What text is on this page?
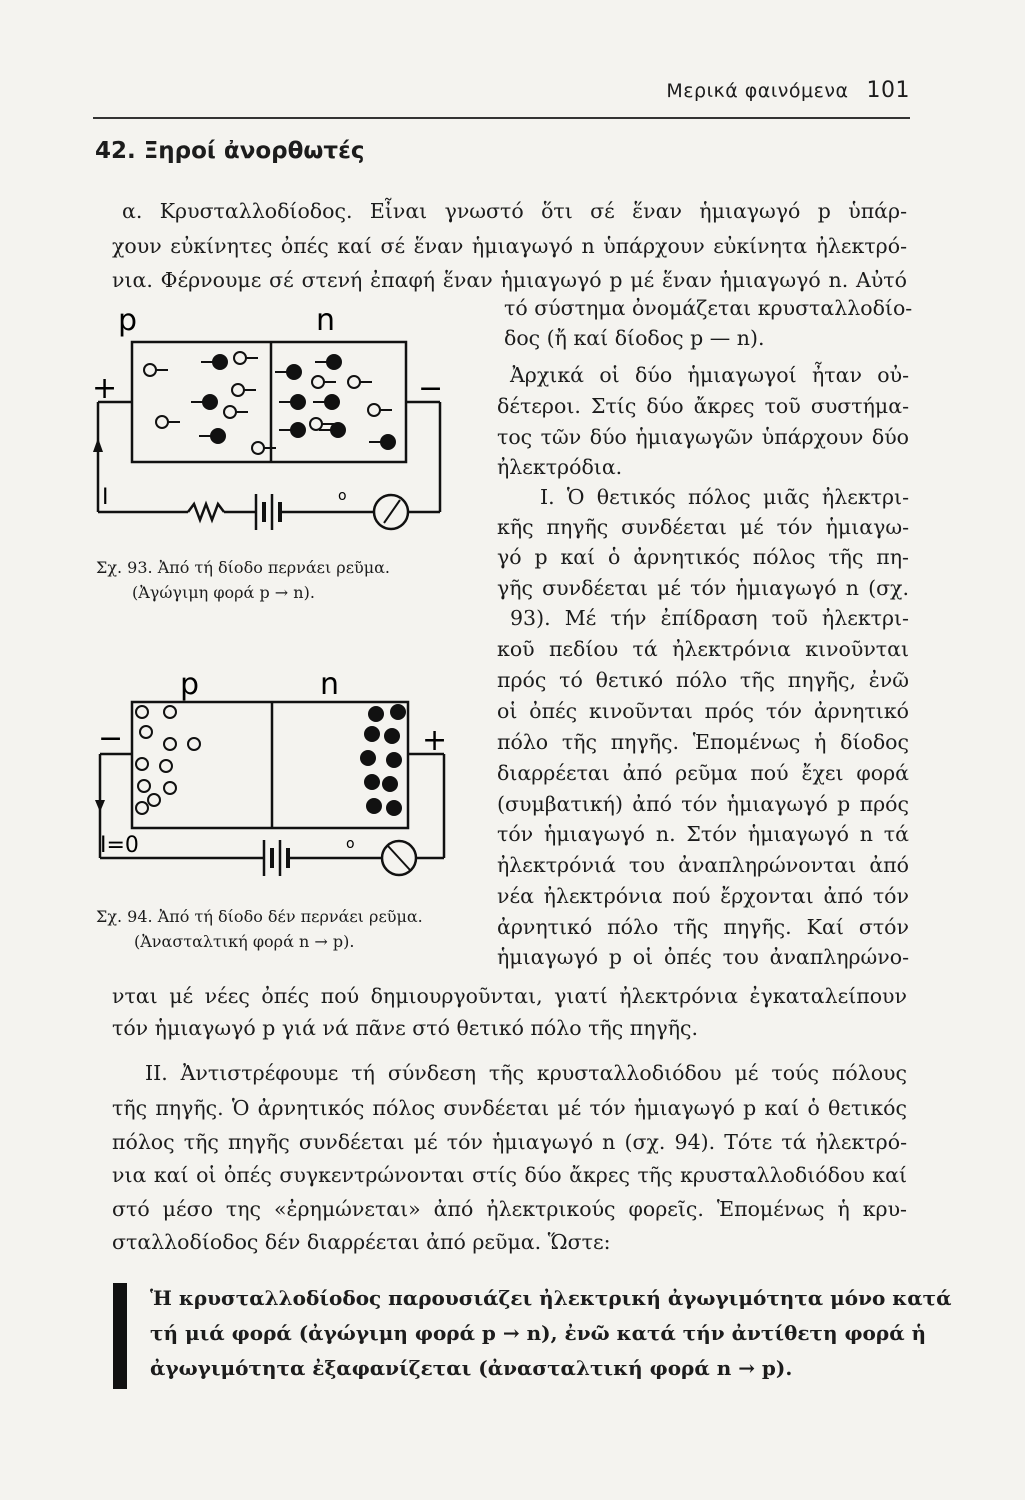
Μερικά φαινόμενα 101
42. Ξηροί ἀνορθωτές
α. Κρυσταλλοδίοδος. Εἶναι γνωστό ὅτι σέ ἕναν ἡμιαγωγό p ὑπάρ-
χουν εὐκίνητες ὀπές καί σέ ἕναν ἡμιαγωγό n ὑπάρχουν εὐκίνητα ἠλεκτρό-
νια. Φέρνουμε σέ στενή ἐπαφή ἕναν ἡμιαγωγό p μέ ἕναν ἡμιαγωγό n. Αὐτό
p	n
o
+	−
I
Σχ. 93. Ἀπό τή δίοδο περνάει ρεῦμα.
(Ἀγώγιμη φορά p → n).
p	n
o
−	+
I=0
Σχ. 94. Ἀπό τή δίοδο δέν περνάει ρεῦμα.
(Ἀνασταλτική φορά n → p).
τό σύστημα ὀνομάζεται κρυσταλλοδίο-
δος (ἤ καί δίοδος p — n).
Ἀρχικά οἱ δύο ἡμιαγωγοί ἦταν οὐ-
δέτεροι. Στίς δύο ἄκρες τοῦ συστήμα-
τος τῶν δύο ἡμιαγωγῶν ὑπάρχουν δύο
ἠλεκτρόδια.
Ι. Ὁ θετικός πόλος μιᾶς ἠλεκτρι-
κῆς πηγῆς συνδέεται μέ τόν ἡμιαγω-
γό p καί ὁ ἀρνητικός πόλος τῆς πη-
γῆς συνδέεται μέ τόν ἡμιαγωγό n (σχ.
93). Μέ τήν ἐπίδραση τοῦ ἠλεκτρι-
κοῦ πεδίου τά ἠλεκτρόνια κινοῦνται
πρός τό θετικό πόλο τῆς πηγῆς, ἐνῶ
οἱ ὀπές κινοῦνται πρός τόν ἀρνητικό
πόλο τῆς πηγῆς. Ἑπομένως ἡ δίοδος
διαρρέεται ἀπό ρεῦμα πού ἔχει φορά
(συμβατική) ἀπό τόν ἡμιαγωγό p πρός
τόν ἡμιαγωγό n. Στόν ἡμιαγωγό n τά
ἠλεκτρόνιά του ἀναπληρώνονται ἀπό
νέα ἠλεκτρόνια πού ἔρχονται ἀπό τόν
ἀρνητικό πόλο τῆς πηγῆς. Καί στόν
ἡμιαγωγό p οἱ ὀπές του ἀναπληρώνο-
νται μέ νέες ὀπές πού δημιουργοῦνται, γιατί ἠλεκτρόνια ἐγκαταλείπουν
τόν ἡμιαγωγό p γιά νά πᾶνε στό θετικό πόλο τῆς πηγῆς.
ΙΙ. Ἀντιστρέφουμε τή σύνδεση τῆς κρυσταλλοδιόδου μέ τούς πόλους
τῆς πηγῆς. Ὁ ἀρνητικός πόλος συνδέεται μέ τόν ἡμιαγωγό p καί ὁ θετικός
πόλος τῆς πηγῆς συνδέεται μέ τόν ἡμιαγωγό n (σχ. 94). Τότε τά ἠλεκτρό-
νια καί οἱ ὀπές συγκεντρώνονται στίς δύο ἄκρες τῆς κρυσταλλοδιόδου καί
στό μέσο της «ἐρημώνεται» ἀπό ἠλεκτρικούς φορεῖς. Ἑπομένως ἡ κρυ-
σταλλοδίοδος δέν διαρρέεται ἀπό ρεῦμα. Ὥστε:
Ἡ κρυσταλλοδίοδος παρουσιάζει ἠλεκτρική ἀγωγιμότητα μόνο κατά
τή μιά φορά (ἀγώγιμη φορά p → n), ἐνῶ κατά τήν ἀντίθετη φορά ἡ
ἀγωγιμότητα ἐξαφανίζεται (ἀνασταλτική φορά n → p).
